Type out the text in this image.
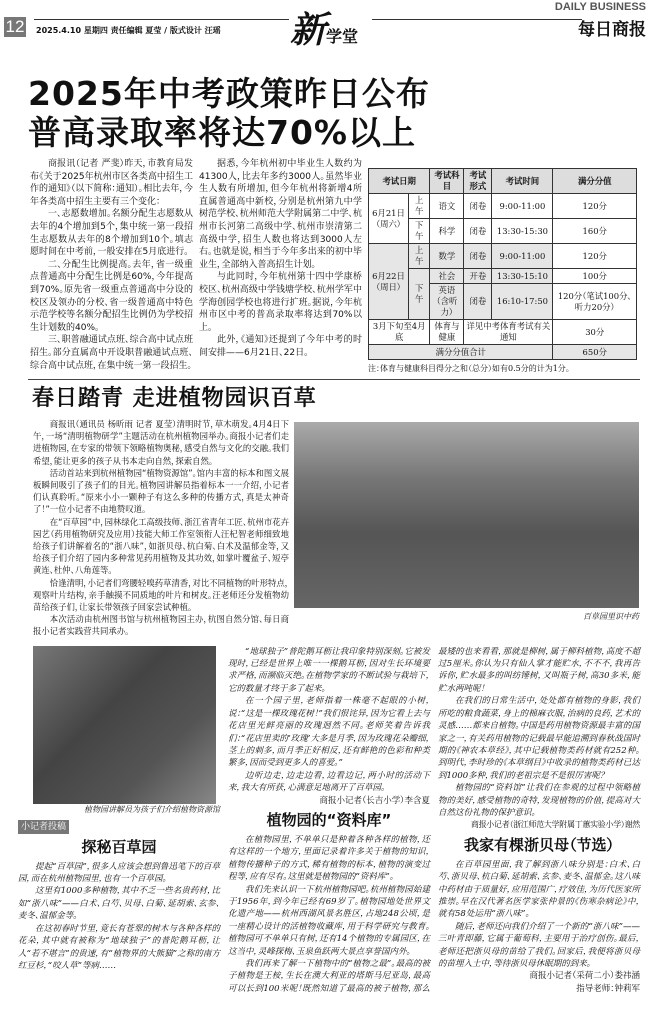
12 2025.4.10 星期四 责任编辑 夏莹 / 版式设计 汪瑶 新学堂
DAILY BUSINESS
每日商报
2025年中考政策昨日公布
普高录取率将达70%以上

商报讯（记者 严斐）昨天，市教育局发布《关于2025年杭州市区各类高中招生工作的通知》（以下简称：通知）。相比去年，今年各类高中招生主要有三个变化：

一、志愿数增加。名额分配生志愿数从去年的4个增加到5个，集中统一第一段招生志愿数从去年的8个增加到10个。填志愿时间在中考前，一般安排在5月底进行。

二、分配生比例提高。去年，省一级重点普通高中分配生比例是60%，今年提高到70%。原先省一级重点普通高中分设的校区及领办的分校、省一级普通高中特色示范学校等名额分配招生比例仍为学校招生计划数的40%。

三、职普融通试点班、综合高中试点班招生。部分直属高中开设职普融通试点班、综合高中试点班，在集中统一第一段招生。

据悉，今年杭州初中毕业生人数约为41300人，比去年多约3000人。虽然毕业生人数有所增加，但今年杭州将新增4所直属普通高中新校，分别是杭州第九中学树范学校、杭州师范大学附属第二中学、杭州市长河第二高级中学、杭州市崇清第二高级中学，招生人数也将达到3000人左右。也就是说，相当于今年多出来的初中毕业生，全部纳入普高招生计划。

与此同时，今年杭州第十四中学康桥校区、杭州高级中学钱塘学校、杭州学军中学海创园学校也将进行扩班。据说，今年杭州市区中考的普高录取率将达到70%以上。

此外，《通知》还提到了今年中考的时间安排——6月21日、22日。

考试日期		考试科目	考试形式	考试时间	满分分值
6月21日（周六）	上午	语文	闭卷	9:00-11:00	120分
	下午	科学	闭卷	13:30-15:30	160分
6月22日（周日）	上午	数学	闭卷	9:00-11:00	120分
	下午	社会	开卷	13:30-15:10	100分
		英语（含听力）	闭卷	16:10-17:50	120分（笔试100分、听力20分）
3月下旬至4月底		体育与健康	详见中考体育考试有关通知		30分
满分分值合计					650分
注：体育与健康科目得分之和（总分）如有0.5分的计为1分。
春日踏青 走进植物园识百草

商报讯（通讯员 杨昕雨 记者 夏莹）清明时节，草木萌发。4月4日下午，一场“清明植物研学”主题活动在杭州植物园举办。商报小记者们走进植物园，在专家的带领下领略植物奥秘，感受自然与文化的交融。我们希望，能让更多的孩子从书本走向自然，探索自然。

活动首站来到杭州植物园“植物资源馆”。馆内丰富的标本和图文展板瞬间吸引了孩子们的目光。植物园讲解员指着标本一一介绍，小记者们认真聆听。“原来小小一颗种子有这么多种的传播方式，真是太神奇了！”一位小记者不由地赞叹道。

在“百草园”中，园林绿化工高级技师、浙江省青年工匠、杭州市花卉园艺（药用植物研究及应用）技能大师工作室领衔人汪杞智老师细致地给孩子们讲解着名的“浙八味”，如浙贝母、杭白菊、白术及温郁金等，又给孩子们介绍了园内多种常见药用植物及其功效，如掌叶覆盆子、短亭黄连、杜仲、八角莲等。

恰逢清明，小记者们弯腰轻嗅药草清香，对比不同植物的叶形特点，观察叶片结构，亲手触摸不同质地的叶片和树皮。汪老师还分发植物幼苗给孩子们，让家长带领孩子回家尝试种植。

本次活动由杭州图书馆与杭州植物园主办，杭图自然分馆、每日商报小记者实践营共同承办。

百草园里识中药
植物园讲解员为孩子们介绍植物资源馆
小记者投稿
探秘百草园

提起“百草园”，很多人应该会想到鲁迅笔下的百草园，而在杭州植物园里，也有一个百草园。

这里有1000多种植物，其中不乏一些名贵药材，比如“浙八味”——白术、白芍、贝母、白菊、延胡索、玄参、麦冬、温郁金等。

在这初春时节里，竟长有苍翠的树木与各种各样的花朵，其中就有被称为“地球独子”的普陀鹅耳枥，让人“若不堪言”的贵速，有“植物界的大熊猫”之称的南方红豆杉，“咬人草”等病……

“地球独子”普陀鹅耳枥让我印象特别深刻。它被发现时，已经是世界上唯一一棵鹅耳枥，因对生长环境要求严格，而濒临灭绝。在植物学家的不断试验与栽培下，它的数量才终于多了起来。

在一个园子里，老师指着一株毫不起眼的小树，说：“这是一棵玫瑰花树！”我们很诧异，因为它看上去与花店里光鲜亮丽的玫瑰迥然不同。老师笑着告诉我们：“花店里卖的‘玫瑰’大多是月季，因为玫瑰花朵瓣细，茎上的刺多，而月季正好相反，还有鲜艳的色彩和种类繁多，因而受到更多人的喜爱。”

边听边走，边走边看，边看边记，两小时的活动下来，我大有所获，心满意足地离开了百草园。

商报小记者（长吉小学）李含夏
植物园的“资料库”

在植物园里，不单单只是种着各种各样的植物，还有这样的一个地方，里面记录着许多关于植物的知识，植物传播种子的方式，稀有植物的标本，植物的演变过程等，应有尽有。这里就是植物园的“资料库”。

我们先来认识一下杭州植物园吧。杭州植物园始建于1956年，到今年已经有69岁了。植物园地处世界文化遗产地——杭州西湖风景名胜区，占地248公顷，是一座精心设计的活植物收藏库，用于科学研究与教育。植物园可不单单只有树，还有14个植物的专属园区，在这当中，灵峰探梅、玉泉鱼跃两大景点享誉国内外。

我们再来了解一下植物中的“植物之最”。最高的被子植物是王桉，生长在澳大利亚的塔斯马尼亚岛，最高可以长到100米呢！既然知道了最高的被子植物，那么最矮的也来看看，那就是柳树，属于柳科植物，高度不超过5厘米。你认为只有仙人掌才能贮水，不不不，我再告诉你，贮水最多的叫纺锤树，又叫瓶子树，高30多米，能贮水两吨呢！

在我们的日常生活中，处处都有植物的身影，我们所吃的粮食蔬菜，身上的棉麻衣服，治病的良药，艺术的灵感……都来自植物。中国是药用植物资源最丰富的国家之一，有关药用植物的记载最早能追溯到春秋战国时期的《神农本草经》，其中记载植物类药材就有252种。到明代，李时珍的《本草纲目》中收录的植物类药材已达到1000多种，我们的老祖宗是不是很厉害呢？

植物园的“资料馆”让我们在参观的过程中领略植物的美好，感受植物的奇特，发现植物的价值，提高对大自然这份礼物的保护意识。

商报小记者（浙江师范大学附属丁蕙实验小学）谢然
我家有棵浙贝母（节选）

在百草园里面，我了解到浙八味分别是：白术、白芍、浙贝母、杭白菊、延胡索、玄参、麦冬、温郁金。这八味中药材由于质量好，应用范围广，疗效佳，为历代医家所推崇。早在汉代著名医学家张仲景的《伤寒杂病论》中，就有58处运用“浙八味”。

随后，老师还向我们介绍了一个新的“浙八味”——三叶青即藤，它属于葡萄科，主要用于治疗创伤。最后，老师还把浙贝母的苗给了我们。回家后，我便将浙贝母的苗埋入土中，等待浙贝母休眠期的到来。

商报小记者（采荷二小）娄祎涵
指导老师：钟莉军
